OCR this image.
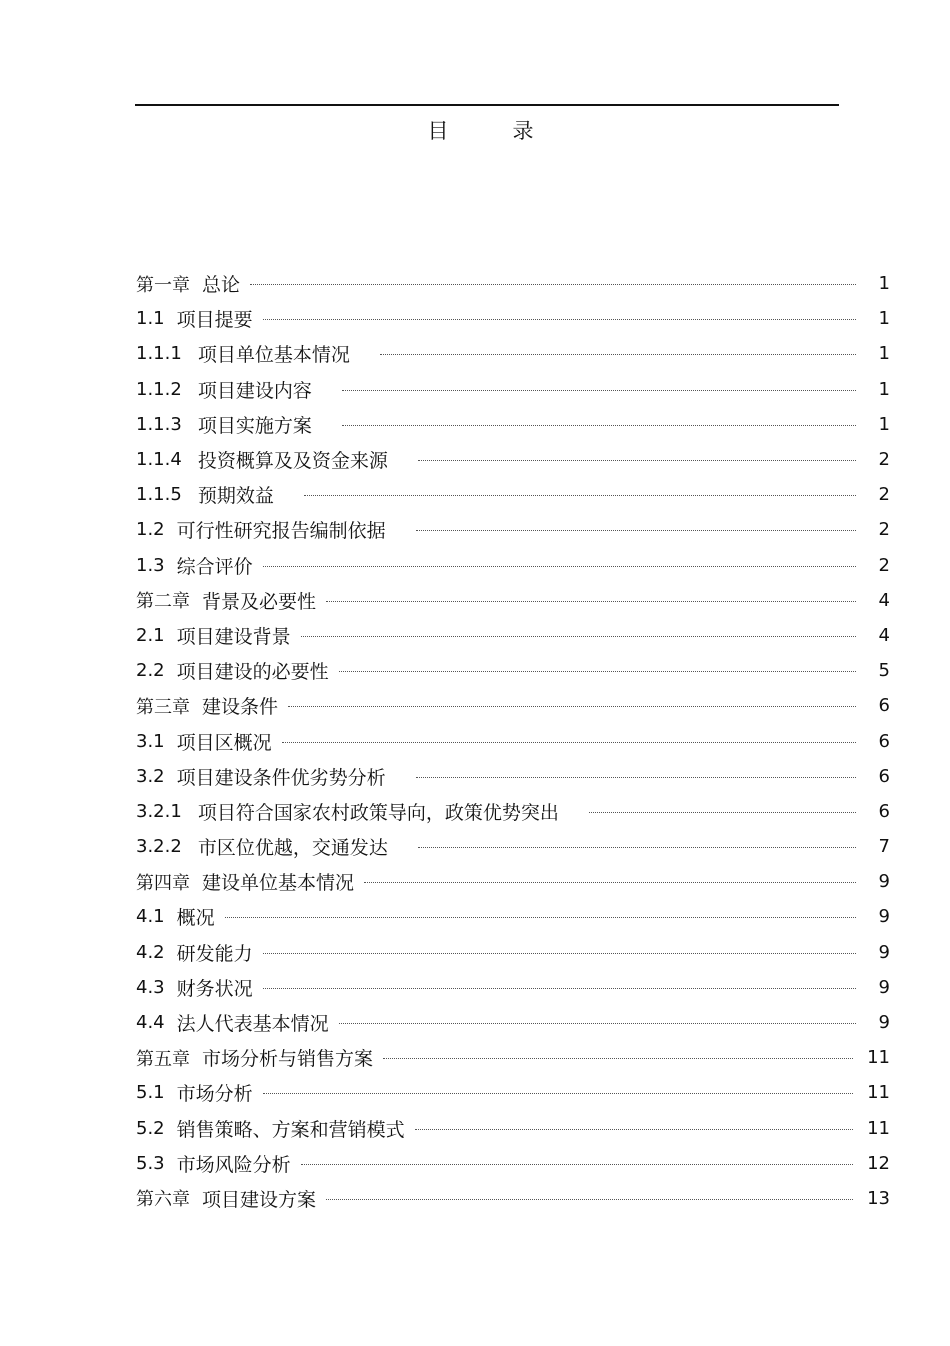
目录
第一章 总论	1
1.1 项目提要	1
1.1.1 项目单位基本情况	1
1.1.2 项目建设内容	1
1.1.3 项目实施方案	1
1.1.4 投资概算及及资金来源	2
1.1.5 预期效益	2
1.2 可行性研究报告编制依据	2
1.3 综合评价	2
第二章 背景及必要性	4
2.1 项目建设背景	4
2.2 项目建设的必要性	5
第三章 建设条件	6
3.1 项目区概况	6
3.2 项目建设条件优劣势分析	6
3.2.1 项目符合国家农村政策导向，政策优势突出	6
3.2.2 市区位优越，交通发达	7
第四章 建设单位基本情况	9
4.1 概况	9
4.2 研发能力	9
4.3 财务状况	9
4.4 法人代表基本情况	9
第五章 市场分析与销售方案	11
5.1 市场分析	11
5.2 销售策略、方案和营销模式	11
5.3 市场风险分析	12
第六章 项目建设方案	13
